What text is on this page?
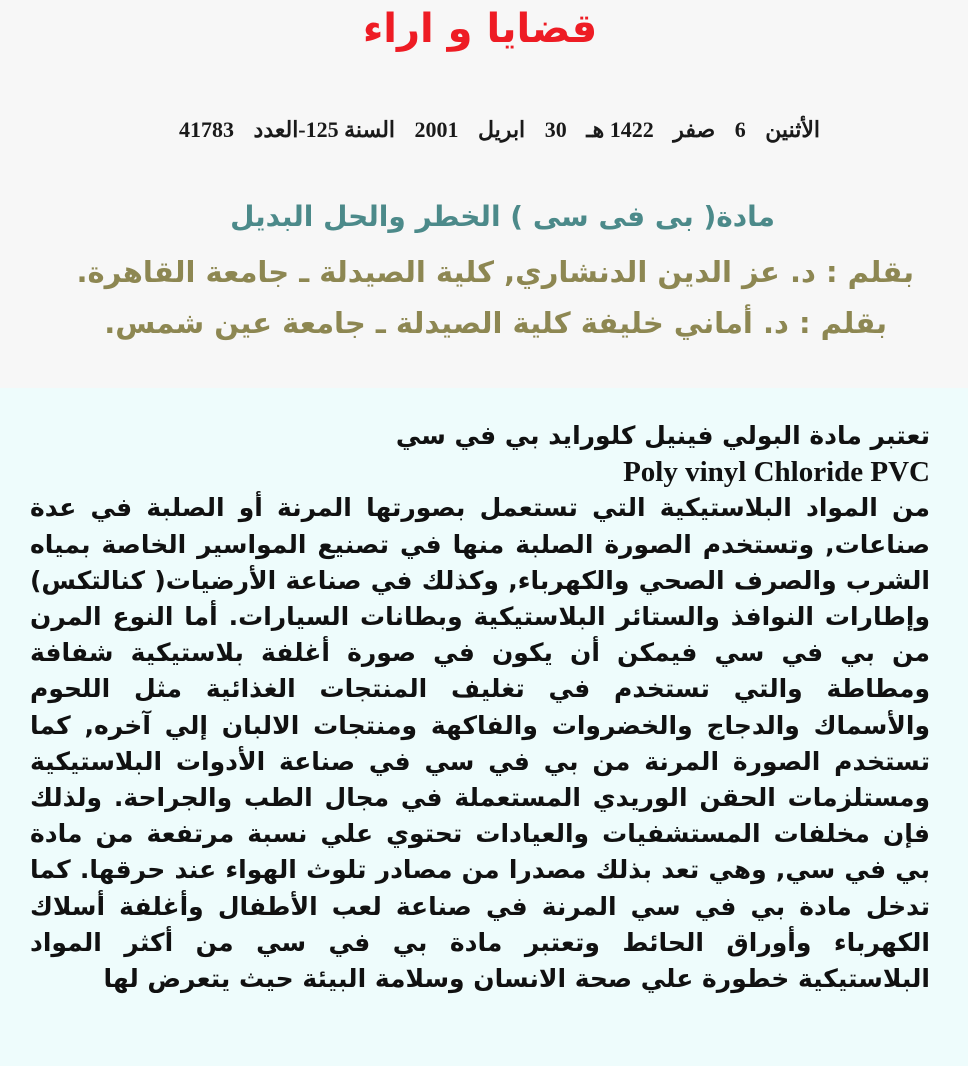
قضايا و اراء
الأثنين 6 صفر 1422 هـ 30 ابريل 2001 السنة 125-العدد 41783
مادة( بى فى سى ) الخطر والحل البديل
بقلم : د. عز الدين الدنشاري, كلية الصيدلة ـ جامعة القاهرة.
بقلم : د. أماني خليفة كلية الصيدلة ـ جامعة عين شمس.

تعتبر مادة البولي فينيل كلورايد بي في سي

Poly vinyl Chloride PVC

من المواد البلاستيكية التي تستعمل بصورتها المرنة أو الصلبة في عدة صناعات, وتستخدم الصورة الصلبة منها في تصنيع المواسير الخاصة بمياه الشرب والصرف الصحي والكهرباء, وكذلك في صناعة الأرضيات( كنالتكس) وإطارات النوافذ والستائر البلاستيكية وبطانات السيارات. أما النوع المرن من بي في سي فيمكن أن يكون في صورة أغلفة بلاستيكية شفافة ومطاطة والتي تستخدم في تغليف المنتجات الغذائية مثل اللحوم والأسماك والدجاج والخضروات والفاكهة ومنتجات الالبان إلي آخره, كما تستخدم الصورة المرنة من بي في سي في صناعة الأدوات البلاستيكية ومستلزمات الحقن الوريدي المستعملة في مجال الطب والجراحة. ولذلك فإن مخلفات المستشفيات والعيادات تحتوي علي نسبة مرتفعة من مادة بي في سي, وهي تعد بذلك مصدرا من مصادر تلوث الهواء عند حرقها. كما تدخل مادة بي في سي المرنة في صناعة لعب الأطفال وأغلفة أسلاك الكهرباء وأوراق الحائط وتعتبر مادة بي في سي من أكثر المواد البلاستيكية خطورة علي صحة الانسان وسلامة البيئة حيث يتعرض لها
